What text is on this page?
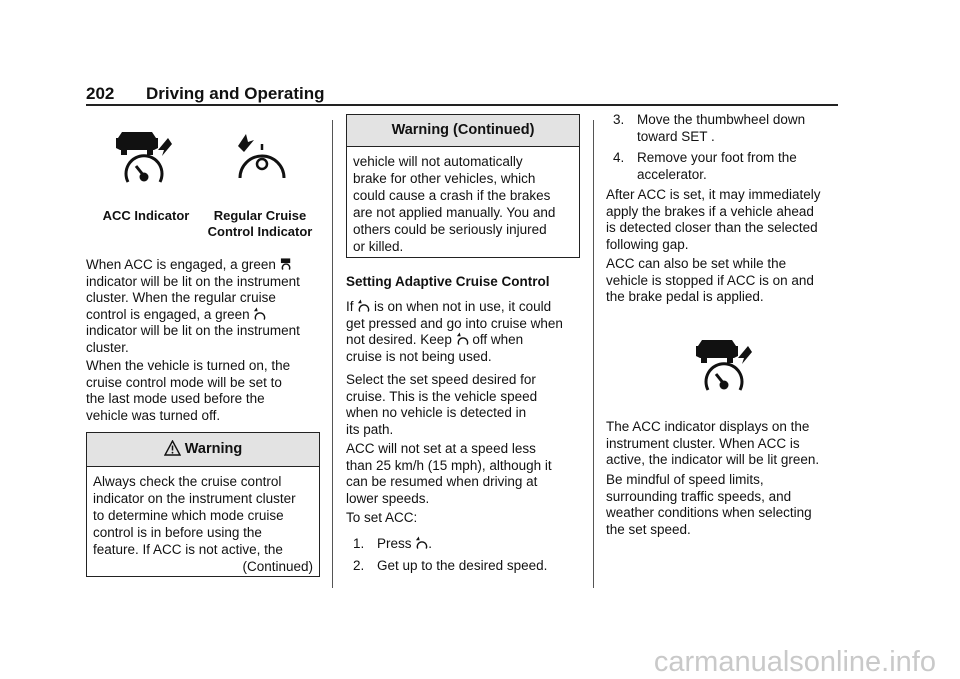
202 Driving and Operating
ACC Indicator	Regular Cruise
Control Indicator
When ACC is engaged, a green
indicator will be lit on the instrument
cluster. When the regular cruise
control is engaged, a green
indicator will be lit on the instrument
cluster.
When the vehicle is turned on, the
cruise control mode will be set to
the last mode used before the
vehicle was turned off.
Warning
Always check the cruise control
indicator on the instrument cluster
to determine which mode cruise
control is in before using the
feature. If ACC is not active, the
(Continued)
Warning (Continued)
vehicle will not automatically
brake for other vehicles, which
could cause a crash if the brakes
are not applied manually. You and
others could be seriously injured
or killed.
Setting Adaptive Cruise Control
If is on when not in use, it could
get pressed and go into cruise when
not desired. Keep off when
cruise is not being used.
Select the set speed desired for
cruise. This is the vehicle speed
when no vehicle is detected in
its path.
ACC will not set at a speed less
than 25 km/h (15 mph), although it
can be resumed when driving at
lower speeds.
To set ACC:
1. Press .
2. Get up to the desired speed.
3. Move the thumbwheel down
toward SET .
4. Remove your foot from the
accelerator.
After ACC is set, it may immediately
apply the brakes if a vehicle ahead
is detected closer than the selected
following gap.
ACC can also be set while the
vehicle is stopped if ACC is on and
the brake pedal is applied.
The ACC indicator displays on the
instrument cluster. When ACC is
active, the indicator will be lit green.
Be mindful of speed limits,
surrounding traffic speeds, and
weather conditions when selecting
the set speed.
carmanualsonline.info
